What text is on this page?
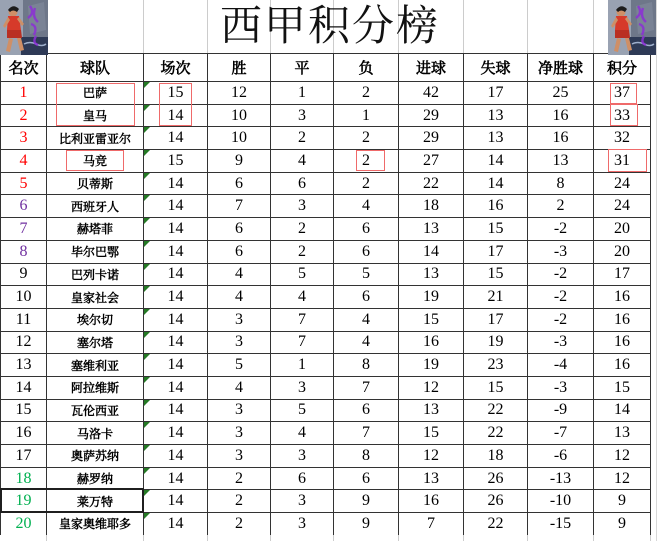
西甲积分榜
名次	球队	场次	胜	平	负	进球	失球	净胜球	积分
1	巴萨	15	12	1	2	42	17	25	37
2	皇马	14	10	3	1	29	13	16	33
3	比利亚雷亚尔	14	10	2	2	29	13	16	32
4	马竞	15	9	4	2	27	14	13	31
5	贝蒂斯	14	6	6	2	22	14	8	24
6	西班牙人	14	7	3	4	18	16	2	24
7	赫塔菲	14	6	2	6	13	15	-2	20
8	毕尔巴鄂	14	6	2	6	14	17	-3	20
9	巴列卡诺	14	4	5	5	13	15	-2	17
10	皇家社会	14	4	4	6	19	21	-2	16
11	埃尔切	14	3	7	4	15	17	-2	16
12	塞尔塔	14	3	7	4	16	19	-3	16
13	塞维利亚	14	5	1	8	19	23	-4	16
14	阿拉维斯	14	4	3	7	12	15	-3	15
15	瓦伦西亚	14	3	5	6	13	22	-9	14
16	马洛卡	14	3	4	7	15	22	-7	13
17	奥萨苏纳	14	3	3	8	12	18	-6	12
18	赫罗纳	14	2	6	6	13	26	-13	12
19	莱万特	14	2	3	9	16	26	-10	9
20	皇家奥维耶多	14	2	3	9	7	22	-15	9
